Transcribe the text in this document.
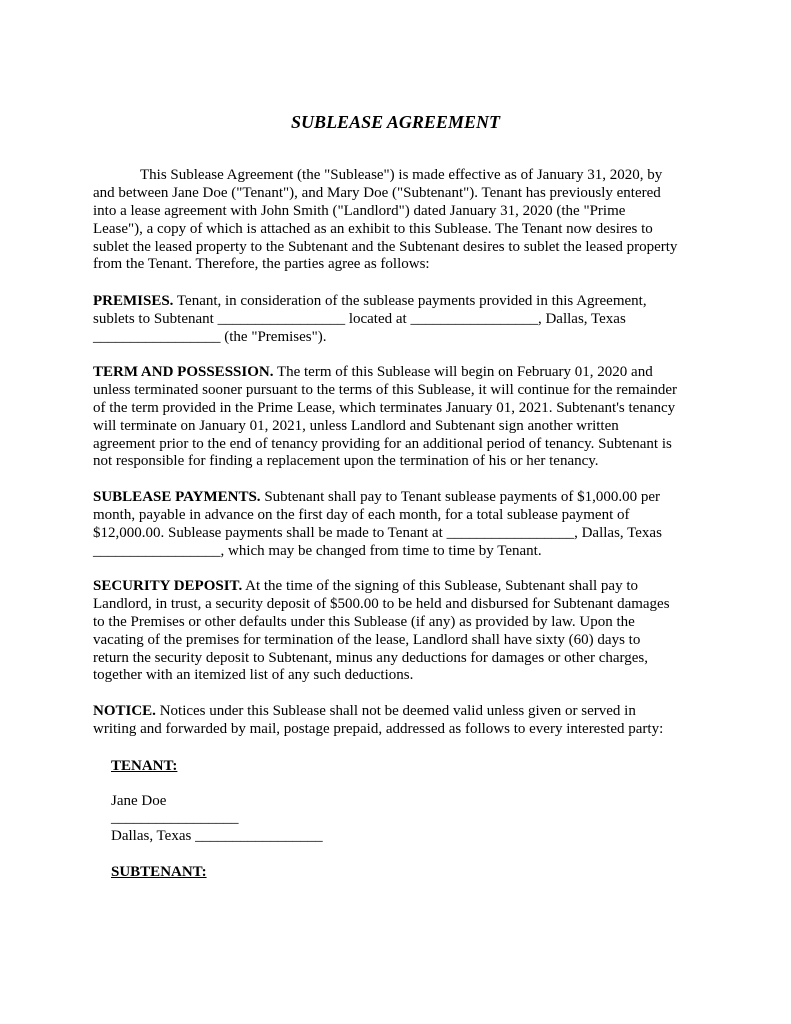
SUBLEASE AGREEMENT
This Sublease Agreement (the "Sublease") is made effective as of January 31, 2020, by
and between Jane Doe ("Tenant"), and Mary Doe ("Subtenant"). Tenant has previously entered
into a lease agreement with John Smith ("Landlord") dated January 31, 2020 (the "Prime
Lease"), a copy of which is attached as an exhibit to this Sublease. The Tenant now desires to
sublet the leased property to the Subtenant and the Subtenant desires to sublet the leased property
from the Tenant. Therefore, the parties agree as follows:
PREMISES. Tenant, in consideration of the sublease payments provided in this Agreement,
sublets to Subtenant _________________ located at _________________, Dallas, Texas
_________________ (the "Premises").
TERM AND POSSESSION. The term of this Sublease will begin on February 01, 2020 and
unless terminated sooner pursuant to the terms of this Sublease, it will continue for the remainder
of the term provided in the Prime Lease, which terminates January 01, 2021. Subtenant's tenancy
will terminate on January 01, 2021, unless Landlord and Subtenant sign another written
agreement prior to the end of tenancy providing for an additional period of tenancy. Subtenant is
not responsible for finding a replacement upon the termination of his or her tenancy.
SUBLEASE PAYMENTS. Subtenant shall pay to Tenant sublease payments of $1,000.00 per
month, payable in advance on the first day of each month, for a total sublease payment of
$12,000.00. Sublease payments shall be made to Tenant at _________________, Dallas, Texas
_________________, which may be changed from time to time by Tenant.
SECURITY DEPOSIT. At the time of the signing of this Sublease, Subtenant shall pay to
Landlord, in trust, a security deposit of $500.00 to be held and disbursed for Subtenant damages
to the Premises or other defaults under this Sublease (if any) as provided by law. Upon the
vacating of the premises for termination of the lease, Landlord shall have sixty (60) days to
return the security deposit to Subtenant, minus any deductions for damages or other charges,
together with an itemized list of any such deductions.
NOTICE. Notices under this Sublease shall not be deemed valid unless given or served in
writing and forwarded by mail, postage prepaid, addressed as follows to every interested party:
TENANT:
Jane Doe
_________________
Dallas, Texas _________________
SUBTENANT:
